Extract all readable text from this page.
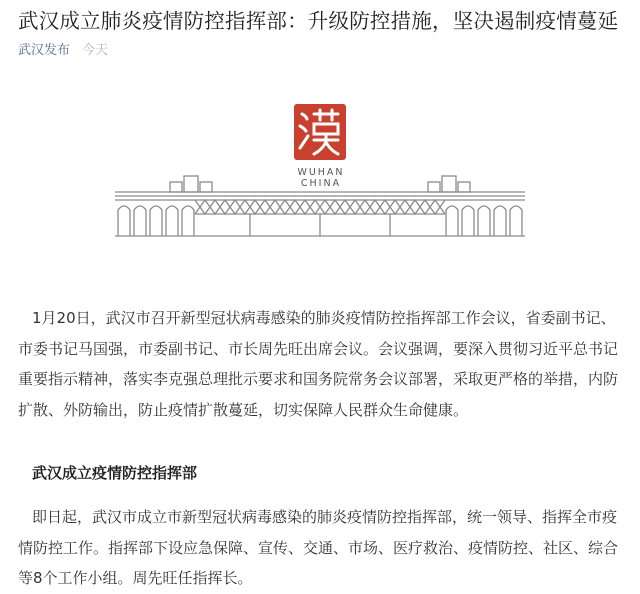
武汉成立肺炎疫情防控指挥部：升级防控措施，坚决遏制疫情蔓延
武汉发布 今天
WUHAN
CHINA

1月20日，武汉市召开新型冠状病毒感染的肺炎疫情防控指挥部工作会议，省委副书记、市委书记马国强，市委副书记、市长周先旺出席会议。会议强调，要深入贯彻习近平总书记重要指示精神，落实李克强总理批示要求和国务院常务会议部署，采取更严格的举措，内防扩散、外防输出，防止疫情扩散蔓延，切实保障人民群众生命健康。

武汉成立疫情防控指挥部

即日起，武汉市成立市新型冠状病毒感染的肺炎疫情防控指挥部，统一领导、指挥全市疫情防控工作。指挥部下设应急保障、宣传、交通、市场、医疗救治、疫情防控、社区、综合等8个工作小组。周先旺任指挥长。
